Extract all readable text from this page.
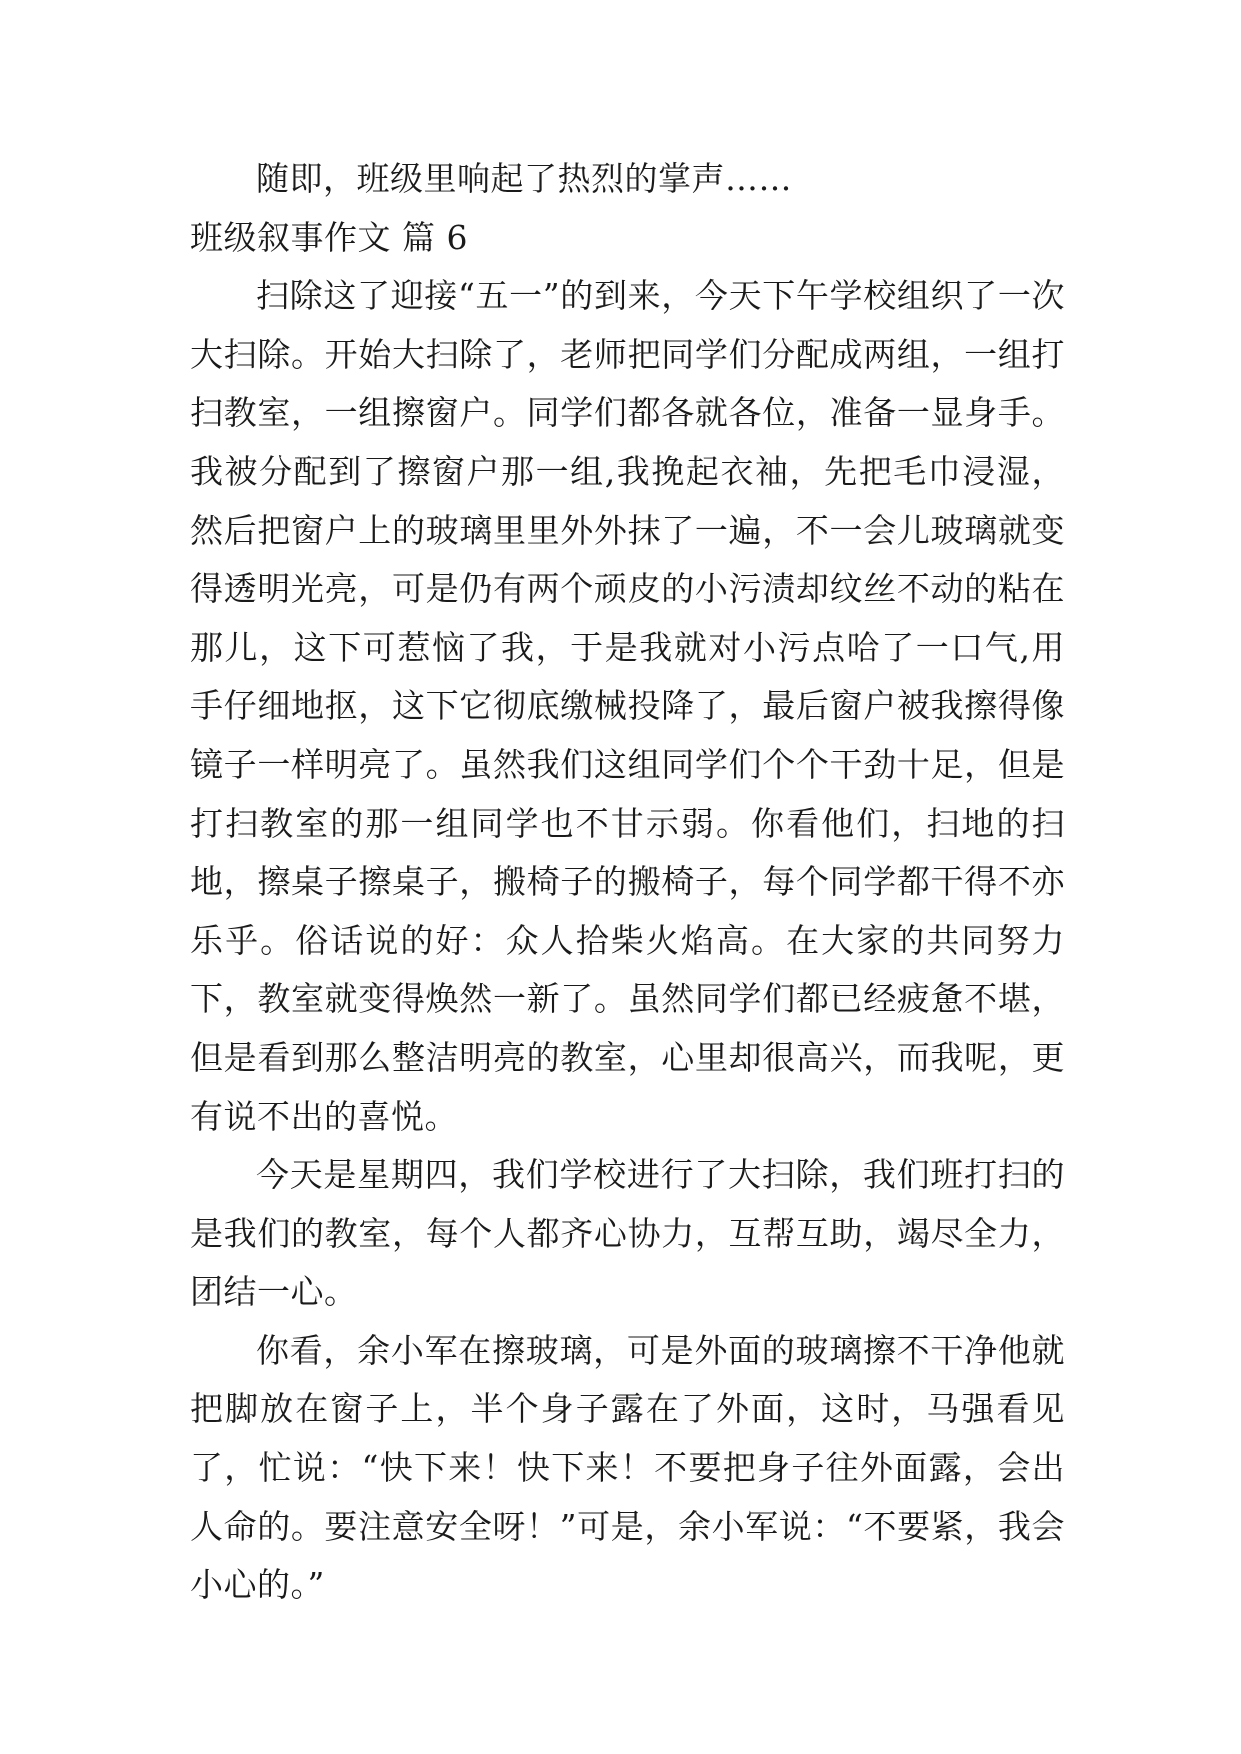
随即，班级里响起了热烈的掌声……

班级叙事作文 篇 6

扫除这了迎接“五一”的到来，今天下午学校组织了一次大扫除。开始大扫除了，老师把同学们分配成两组，一组打扫教室，一组擦窗户。同学们都各就各位，准备一显身手。我被分配到了擦窗户那一组,我挽起衣袖，先把毛巾浸湿，然后把窗户上的玻璃里里外外抹了一遍，不一会儿玻璃就变得透明光亮，可是仍有两个顽皮的小污渍却纹丝不动的粘在那儿，这下可惹恼了我，于是我就对小污点哈了一口气,用手仔细地抠，这下它彻底缴械投降了，最后窗户被我擦得像镜子一样明亮了。虽然我们这组同学们个个干劲十足，但是打扫教室的那一组同学也不甘示弱。你看他们，扫地的扫地，擦桌子擦桌子，搬椅子的搬椅子，每个同学都干得不亦乐乎。俗话说的好：众人拾柴火焰高。在大家的共同努力下，教室就变得焕然一新了。虽然同学们都已经疲惫不堪，但是看到那么整洁明亮的教室，心里却很高兴，而我呢，更有说不出的喜悦。

今天是星期四，我们学校进行了大扫除，我们班打扫的是我们的教室，每个人都齐心协力，互帮互助，竭尽全力，团结一心。

你看，余小军在擦玻璃，可是外面的玻璃擦不干净他就把脚放在窗子上，半个身子露在了外面，这时，马强看见了，忙说：“快下来！快下来！不要把身子往外面露，会出人命的。要注意安全呀！”可是，余小军说：“不要紧，我会小心的。”
